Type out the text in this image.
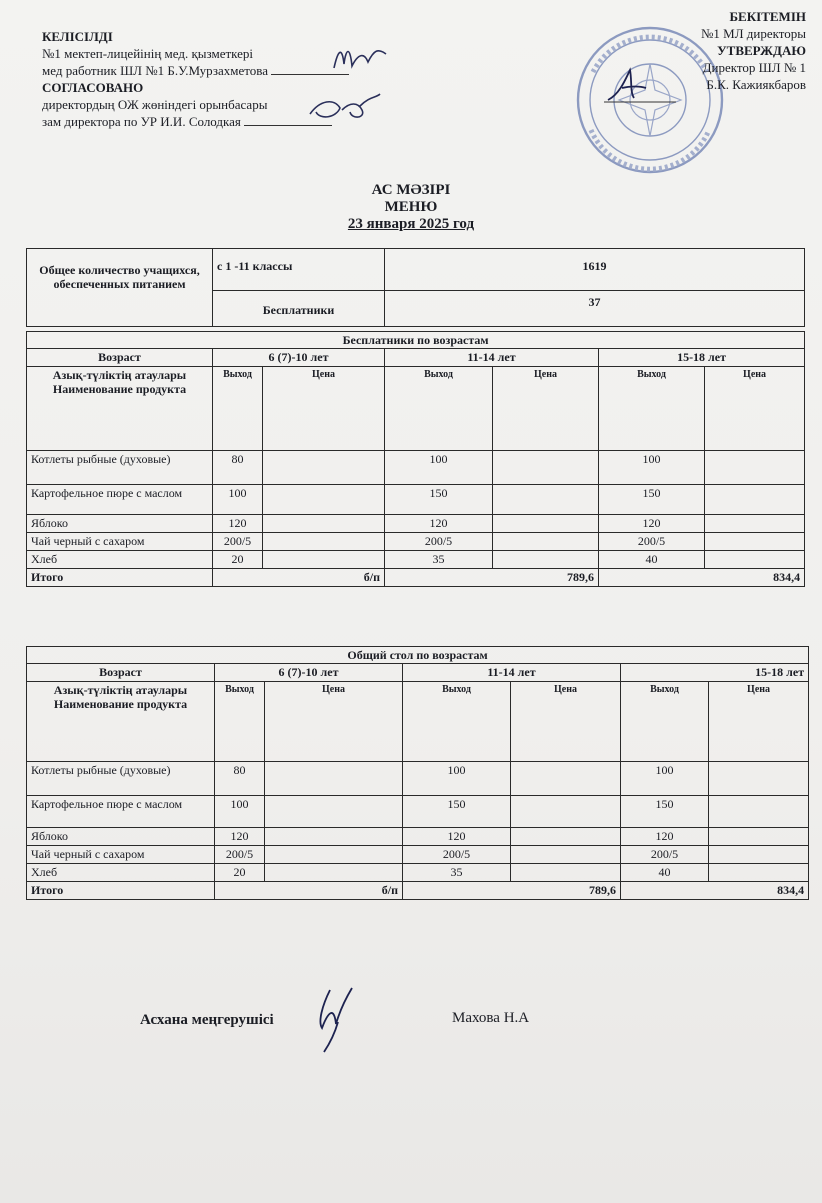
КЕЛІСІЛДІ
№1 мектеп-лицейінің мед. қызметкері
мед работник ШЛ №1 Б.У.Мурзахметова
СОГЛАСОВАНО
директордың ОЖ жөніндегі орынбасары
зам директора по УР И.И. Солодкая
БЕКІТЕМІН
№1 МЛ директоры
УТВЕРЖДАЮ
Директор ШЛ № 1
Б.К. Кажиякбаров
АС МӘЗІРІ
МЕНЮ
23 января 2025 год
Общее количество учащихся, обеспеченных питанием	с 1 -11 классы	1619
	Бесплатники	37
Бесплатники по возрастам						
Возраст	6 (7)-10 лет		11-14 лет		15-18 лет	

Азық-түліктің атаулары
Наименование продукта	Выход	Цена	Выход	Цена	Выход	Цена
Котлеты рыбные (духовые)	80		100		100	
Картофельное пюре с маслом	100		150		150	
Яблоко	120		120		120	
Чай черный с сахаром	200/5		200/5		200/5	
Хлеб	20		35		40	
Итого	б/п		789,6		834,4	
Общий стол по возрастам						
Возраст	6 (7)-10 лет		11-14 лет		15-18 лет	

Азық-түліктің атаулары
Наименование продукта	Выход	Цена	Выход	Цена	Выход	Цена
Котлеты рыбные (духовые)	80		100		100	
Картофельное пюре с маслом	100		150		150	
Яблоко	120		120		120	
Чай черный с сахаром	200/5		200/5		200/5	
Хлеб	20		35		40	
Итого	б/п		789,6		834,4	
Асхана меңгерушісі	Махова Н.А
